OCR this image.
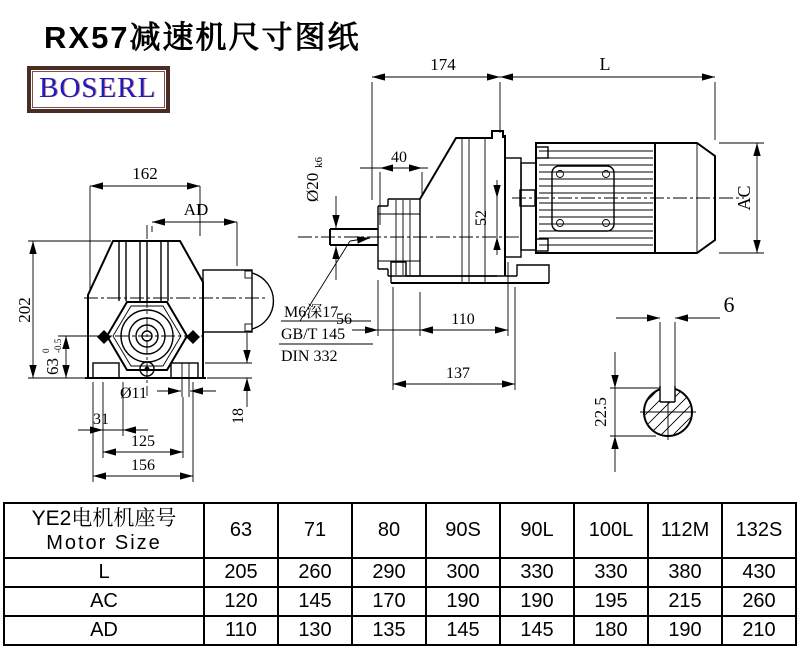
RX57减速机尺寸图纸
BOSERL
162
AD
202
63
0 -0.5
Ø11
31
125
156
18
52
Ø20
k6	40
174	L
M6深17
GB/T 145
DIN 332
56	110
137
AC
6
22.5
YE2电机机座号
Motor Size	63	71	80	90S	90L	100L	112M	132S
L	205	260	290	300	330	330	380	430
AC	120	145	170	190	190	195	215	260
AD	110	130	135	145	145	180	190	210
